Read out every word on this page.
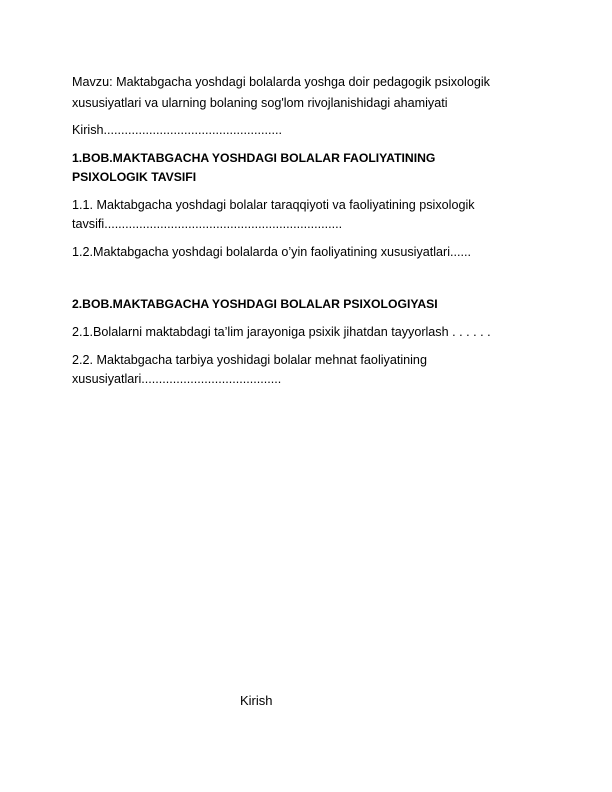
Mavzu: Maktabgacha yoshdagi bolalarda yoshga doir pedagogik psixologik xususiyatlari va ularning bolaning sog'lom rivojlanishidagi ahamiyati

Kirish...................................................

1.BOB.MAKTABGACHA YOSHDAGI BOLALAR FAOLIYATINING PSIXOLOGIK TAVSIFI

1.1. Maktabgacha yoshdagi bolalar taraqqiyoti va faoliyatining psixologik tavsifi....................................................................

1.2.Maktabgacha yoshdagi bolalarda o’yin faoliyatining xususiyatlari......

2.BOB.MAKTABGACHA YOSHDAGI BOLALAR PSIXOLOGIYASI

2.1.Bolalarni maktabdagi ta’lim jarayoniga psixik jihatdan tayyorlash . . . . . .

2.2. Maktabgacha tarbiya yoshidagi bolalar mehnat faoliyatining xususiyatlari........................................

Kirish
